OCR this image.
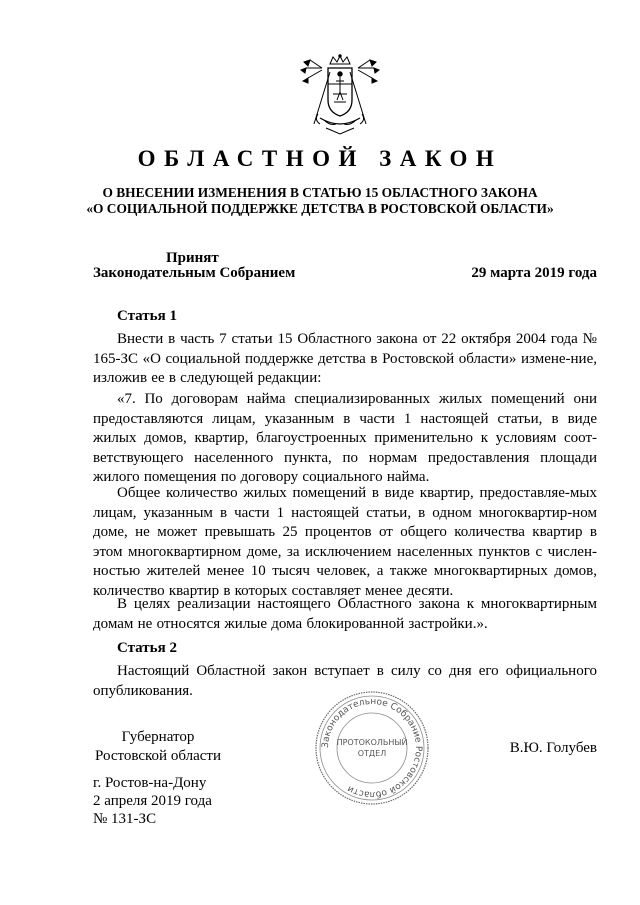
ОБЛАСТНОЙ ЗАКОН
О ВНЕСЕНИИ ИЗМЕНЕНИЯ В СТАТЬЮ 15 ОБЛАСТНОГО ЗАКОНА
«О СОЦИАЛЬНОЙ ПОДДЕРЖКЕ ДЕТСТВА В РОСТОВСКОЙ ОБЛАСТИ»
Принят
Законодательным Собранием	29 марта 2019 года
Статья 1
Внести в часть 7 статьи 15 Областного закона от 22 октября 2004 года № 165-ЗС «О социальной поддержке детства в Ростовской области» измене-ние, изложив ее в следующей редакции:
«7. По договорам найма специализированных жилых помещений они предоставляются лицам, указанным в части 1 настоящей статьи, в виде жилых домов, квартир, благоустроенных применительно к условиям соот-ветствующего населенного пункта, по нормам предоставления площади жилого помещения по договору социального найма.
Общее количество жилых помещений в виде квартир, предоставляе-мых лицам, указанным в части 1 настоящей статьи, в одном многоквартир-ном доме, не может превышать 25 процентов от общего количества квартир в этом многоквартирном доме, за исключением населенных пунктов с числен-ностью жителей менее 10 тысяч человек, а также многоквартирных домов, количество квартир в которых составляет менее десяти.
В целях реализации настоящего Областного закона к многоквартирным домам не относятся жилые дома блокированной застройки.».
Статья 2
Настоящий Областной закон вступает в силу со дня его официального опубликования.
Губернатор
Ростовской области
Законодательное Собрание Ростовской области
ПРОТОКОЛЬНЫЙ
ОТДЕЛ	В.Ю. Голубев
г. Ростов-на-Дону
2 апреля 2019 года
№ 131-ЗС
